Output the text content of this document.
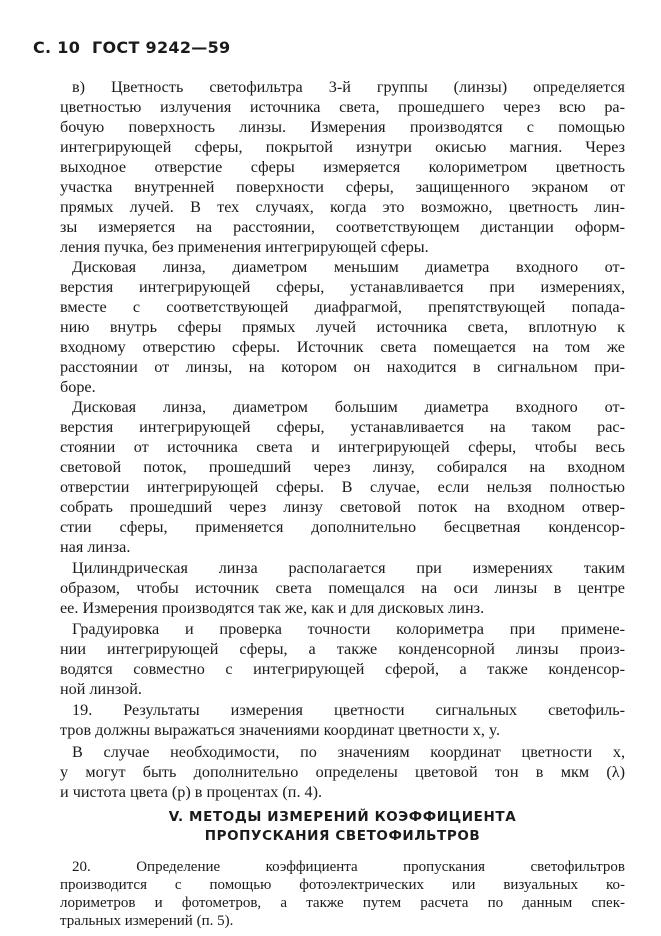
С. 10 ГОСТ 9242—59
в) Цветность светофильтра 3-й группы (линзы) определяется
цветностью излучения источника света, прошедшего через всю ра-
бочую поверхность линзы. Измерения производятся с помощью
интегрирующей сферы, покрытой изнутри окисью магния. Через
выходное отверстие сферы измеряется колориметром цветность
участка внутренней поверхности сферы, защищенного экраном от
прямых лучей. В тех случаях, когда это возможно, цветность лин-
зы измеряется на расстоянии, соответствующем дистанции оформ-
ления пучка, без применения интегрирующей сферы.
Дисковая линза, диаметром меньшим диаметра входного от-
верстия интегрирующей сферы, устанавливается при измерениях,
вместе с соответствующей диафрагмой, препятствующей попада-
нию внутрь сферы прямых лучей источника света, вплотную к
входному отверстию сферы. Источник света помещается на том же
расстоянии от линзы, на котором он находится в сигнальном при-
боре.
Дисковая линза, диаметром большим диаметра входного от-
верстия интегрирующей сферы, устанавливается на таком рас-
стоянии от источника света и интегрирующей сферы, чтобы весь
световой поток, прошедший через линзу, собирался на входном
отверстии интегрирующей сферы. В случае, если нельзя полностью
собрать прошедший через линзу световой поток на входном отвер-
стии сферы, применяется дополнительно бесцветная конденсор-
ная линза.
Цилиндрическая линза располагается при измерениях таким
образом, чтобы источник света помещался на оси линзы в центре
ее. Измерения производятся так же, как и для дисковых линз.
Градуировка и проверка точности колориметра при примене-
нии интегрирующей сферы, а также конденсорной линзы произ-
водятся совместно с интегрирующей сферой, а также конденсор-
ной линзой.
19. Результаты измерения цветности сигнальных светофиль-
тров должны выражаться значениями координат цветности x, y.
В случае необходимости, по значениям координат цветности x,
y могут быть дополнительно определены цветовой тон в мкм (λ)
и чистота цвета (p) в процентах (п. 4).
V. МЕТОДЫ ИЗМЕРЕНИЙ КОЭФФИЦИЕНТА
ПРОПУСКАНИЯ СВЕТОФИЛЬТРОВ
20. Определение коэффициента пропускания светофильтров
производится с помощью фотоэлектрических или визуальных ко-
лориметров и фотометров, а также путем расчета по данным спек-
тральных измерений (п. 5).
